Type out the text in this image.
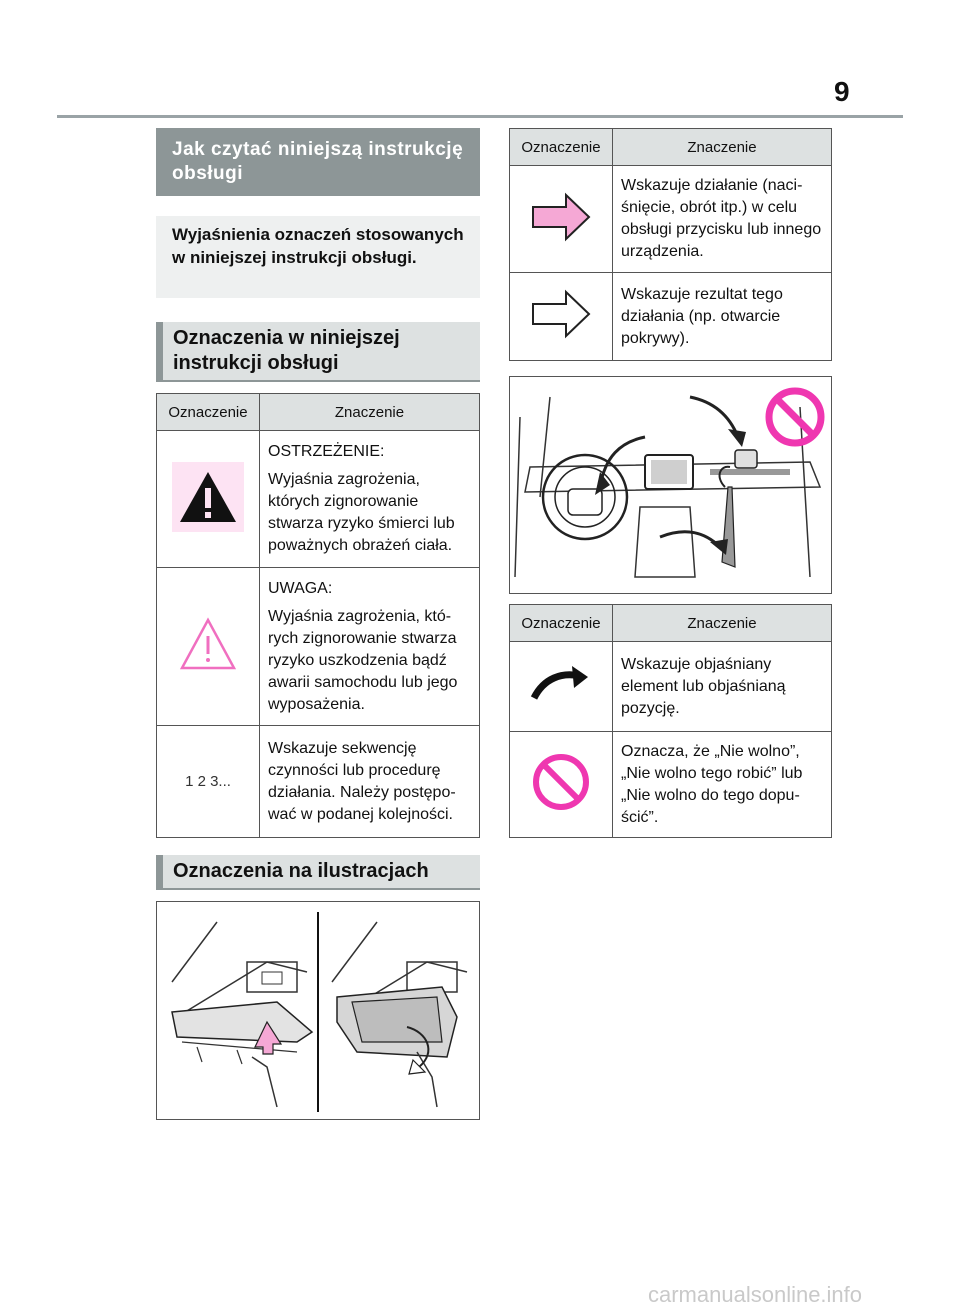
9
Jak czytać niniejszą instrukcję obsługi
Wyjaśnienia oznaczeń stosowanych w niniejszej instrukcji obsługi.
Oznaczenia w niniejszej instrukcji obsługi
Oznaczenie	Znaczenie

OSTRZEŻENIE:
Wyjaśnia zagrożenia, których zignorowanie stwarza ryzyko śmierci lub poważnych obrażeń ciała.

UWAGA:
Wyjaśnia zagrożenia, których zignorowanie stwarza ryzyko uszkodzenia bądź awarii samochodu lub jego wyposażenia.

1 2 3...	Wskazuje sekwencję czynności lub procedurę działania. Należy postępować w podanej kolejności.
Oznaczenia na ilustracjach
Oznaczenie	Znaczenie

Wskazuje działanie (naciśnięcie, obrót itp.) w celu obsługi przycisku lub innego urządzenia.

Wskazuje rezultat tego działania (np. otwarcie pokrywy).
Oznaczenie	Znaczenie

Wskazuje objaśniany element lub objaśnianą pozycję.

Oznacza, że „Nie wolno”, „Nie wolno tego robić” lub „Nie wolno do tego dopuścić”.
carmanualsonline.info
